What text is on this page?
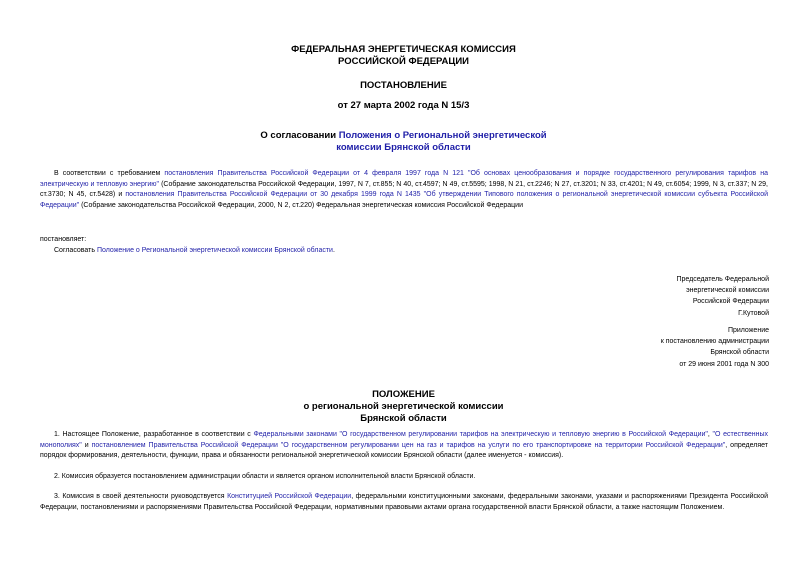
ФЕДЕРАЛЬНАЯ ЭНЕРГЕТИЧЕСКАЯ КОМИССИЯ

РОССИЙСКОЙ ФЕДЕРАЦИИ

ПОСТАНОВЛЕНИЕ

от 27 марта 2002 года N 15/3

О согласовании Положения о Региональной энергетической

комиссии Брянской области

В соответствии с требованием постановления Правительства Российской Федерации от 4 февраля 1997 года N 121 "Об основах ценообразования и порядке государственного регулирования тарифов на электрическую и тепловую энергию" (Собрание законодательства Российской Федерации, 1997, N 7, ст.855; N 40, ст.4597; N 49, ст.5595; 1998, N 21, ст.2246; N 27, ст.3201; N 33, ст.4201; N 49, ст.6054; 1999, N 3, ст.337; N 29, ст.3730; N 45, ст.5428) и постановления Правительства Российской Федерации от 30 декабря 1999 года N 1435 "Об утверждении Типового положения о региональной энергетической комиссии субъекта Российской Федерации" (Собрание законодательства Российской Федерации, 2000, N 2, ст.220) Федеральная энергетическая комиссия Российской Федерации

постановляет:

Согласовать Положение о Региональной энергетической комиссии Брянской области.

Председатель Федеральной

энергетической комиссии

Российской Федерации

Г.Кутовой

Приложение

к постановлению администрации

Брянской области

от 29 июня 2001 года N 300

ПОЛОЖЕНИЕ

о региональной энергетической комиссии

Брянской области

1. Настоящее Положение, разработанное в соответствии с Федеральными законами "О государственном регулировании тарифов на электрическую и тепловую энергию в Российской Федерации", "О естественных монополиях" и постановлением Правительства Российской Федерации "О государственном регулировании цен на газ и тарифов на услуги по его транспортировке на территории Российской Федерации", определяет порядок формирования, деятельности, функции, права и обязанности региональной энергетической комиссии Брянской области (далее именуется - комиссия).
2. Комиссия образуется постановлением администрации области и является органом исполнительной власти Брянской области.
3. Комиссия в своей деятельности руководствуется Конституцией Российской Федерации, федеральными конституционными законами, федеральными законами, указами и распоряжениями Президента Российской Федерации, постановлениями и распоряжениями Правительства Российской Федерации, нормативными правовыми актами органа государственной власти Брянской области, а также настоящим Положением.
